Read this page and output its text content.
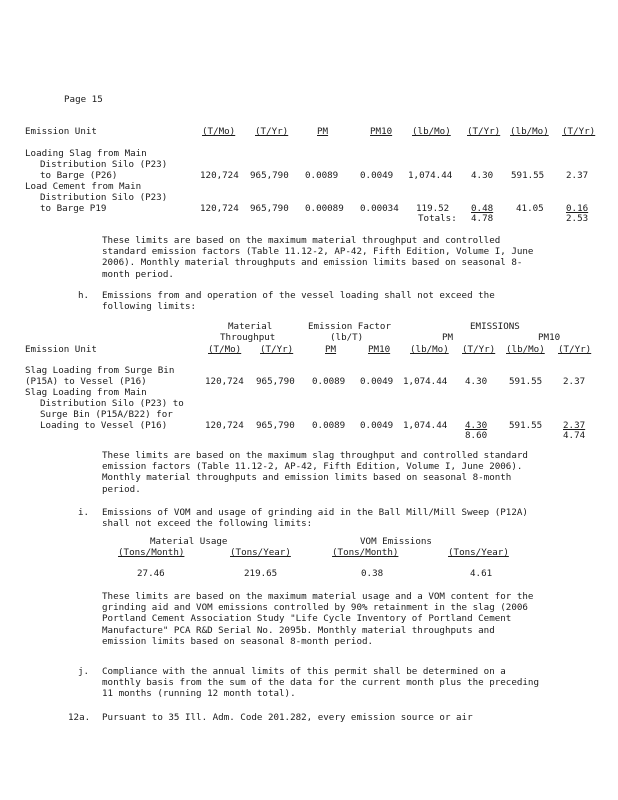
Page 15
Emission Unit	(T/Mo) (T/Yr)	PM	PM10 (lb/Mo) (T/Yr) (lb/Mo) (T/Yr)
Loading Slag from Main
Distribution Silo (P23)
to Barge (P26)	120,724 965,790 0.0089 0.0049 1,074.44 4.30 591.55 2.37
Load Cement from Main
Distribution Silo (P23)
to Barge P19	120,724 965,790 0.00089 0.00034 119.52 0.48 41.05 0.16
Totals: 4.78	2.53
These limits are based on the maximum material throughput and controlled standard emission factors (Table 11.12-2, AP-42, Fifth Edition, Volume I, June 2006). Monthly material throughputs and emission limits based on seasonal 8-month period.
h. Emissions from and operation of the vessel loading shall not exceed the following limits:
Material
Throughput
Emission Factor
(lb/T)
EMISSIONS
PM	PM10
Emission Unit	(T/Mo) (T/Yr)	PM	PM10 (lb/Mo) (T/Yr) (lb/Mo) (T/Yr)
Slag Loading from Surge Bin
(P15A) to Vessel (P16)	120,724 965,790 0.0089 0.0049 1,074.44 4.30 591.55 2.37
Slag Loading from Main
Distribution Silo (P23) to
Surge Bin (P15A/B22) for
Loading to Vessel (P16)	120,724 965,790 0.0089 0.0049 1,074.44 4.30 591.55 2.37
8.60	4.74
These limits are based on the maximum slag throughput and controlled standard emission factors (Table 11.12-2, AP-42, Fifth Edition, Volume I, June 2006). Monthly material throughputs and emission limits based on seasonal 8-month period.
i. Emissions of VOM and usage of grinding aid in the Ball Mill/Mill Sweep (P12A) shall not exceed the following limits:
Material Usage	VOM Emissions
(Tons/Month)	(Tons/Year)	(Tons/Month)	(Tons/Year)
27.46	219.65	0.38	4.61
These limits are based on the maximum material usage and a VOM content for the grinding aid and VOM emissions controlled by 90% retainment in the slag (2006 Portland Cement Association Study "Life Cycle Inventory of Portland Cement Manufacture" PCA R&D Serial No. 2095b. Monthly material throughputs and emission limits based on seasonal 8-month period.
j. Compliance with the annual limits of this permit shall be determined on a monthly basis from the sum of the data for the current month plus the preceding 11 months (running 12 month total).
12a. Pursuant to 35 Ill. Adm. Code 201.282, every emission source or air
